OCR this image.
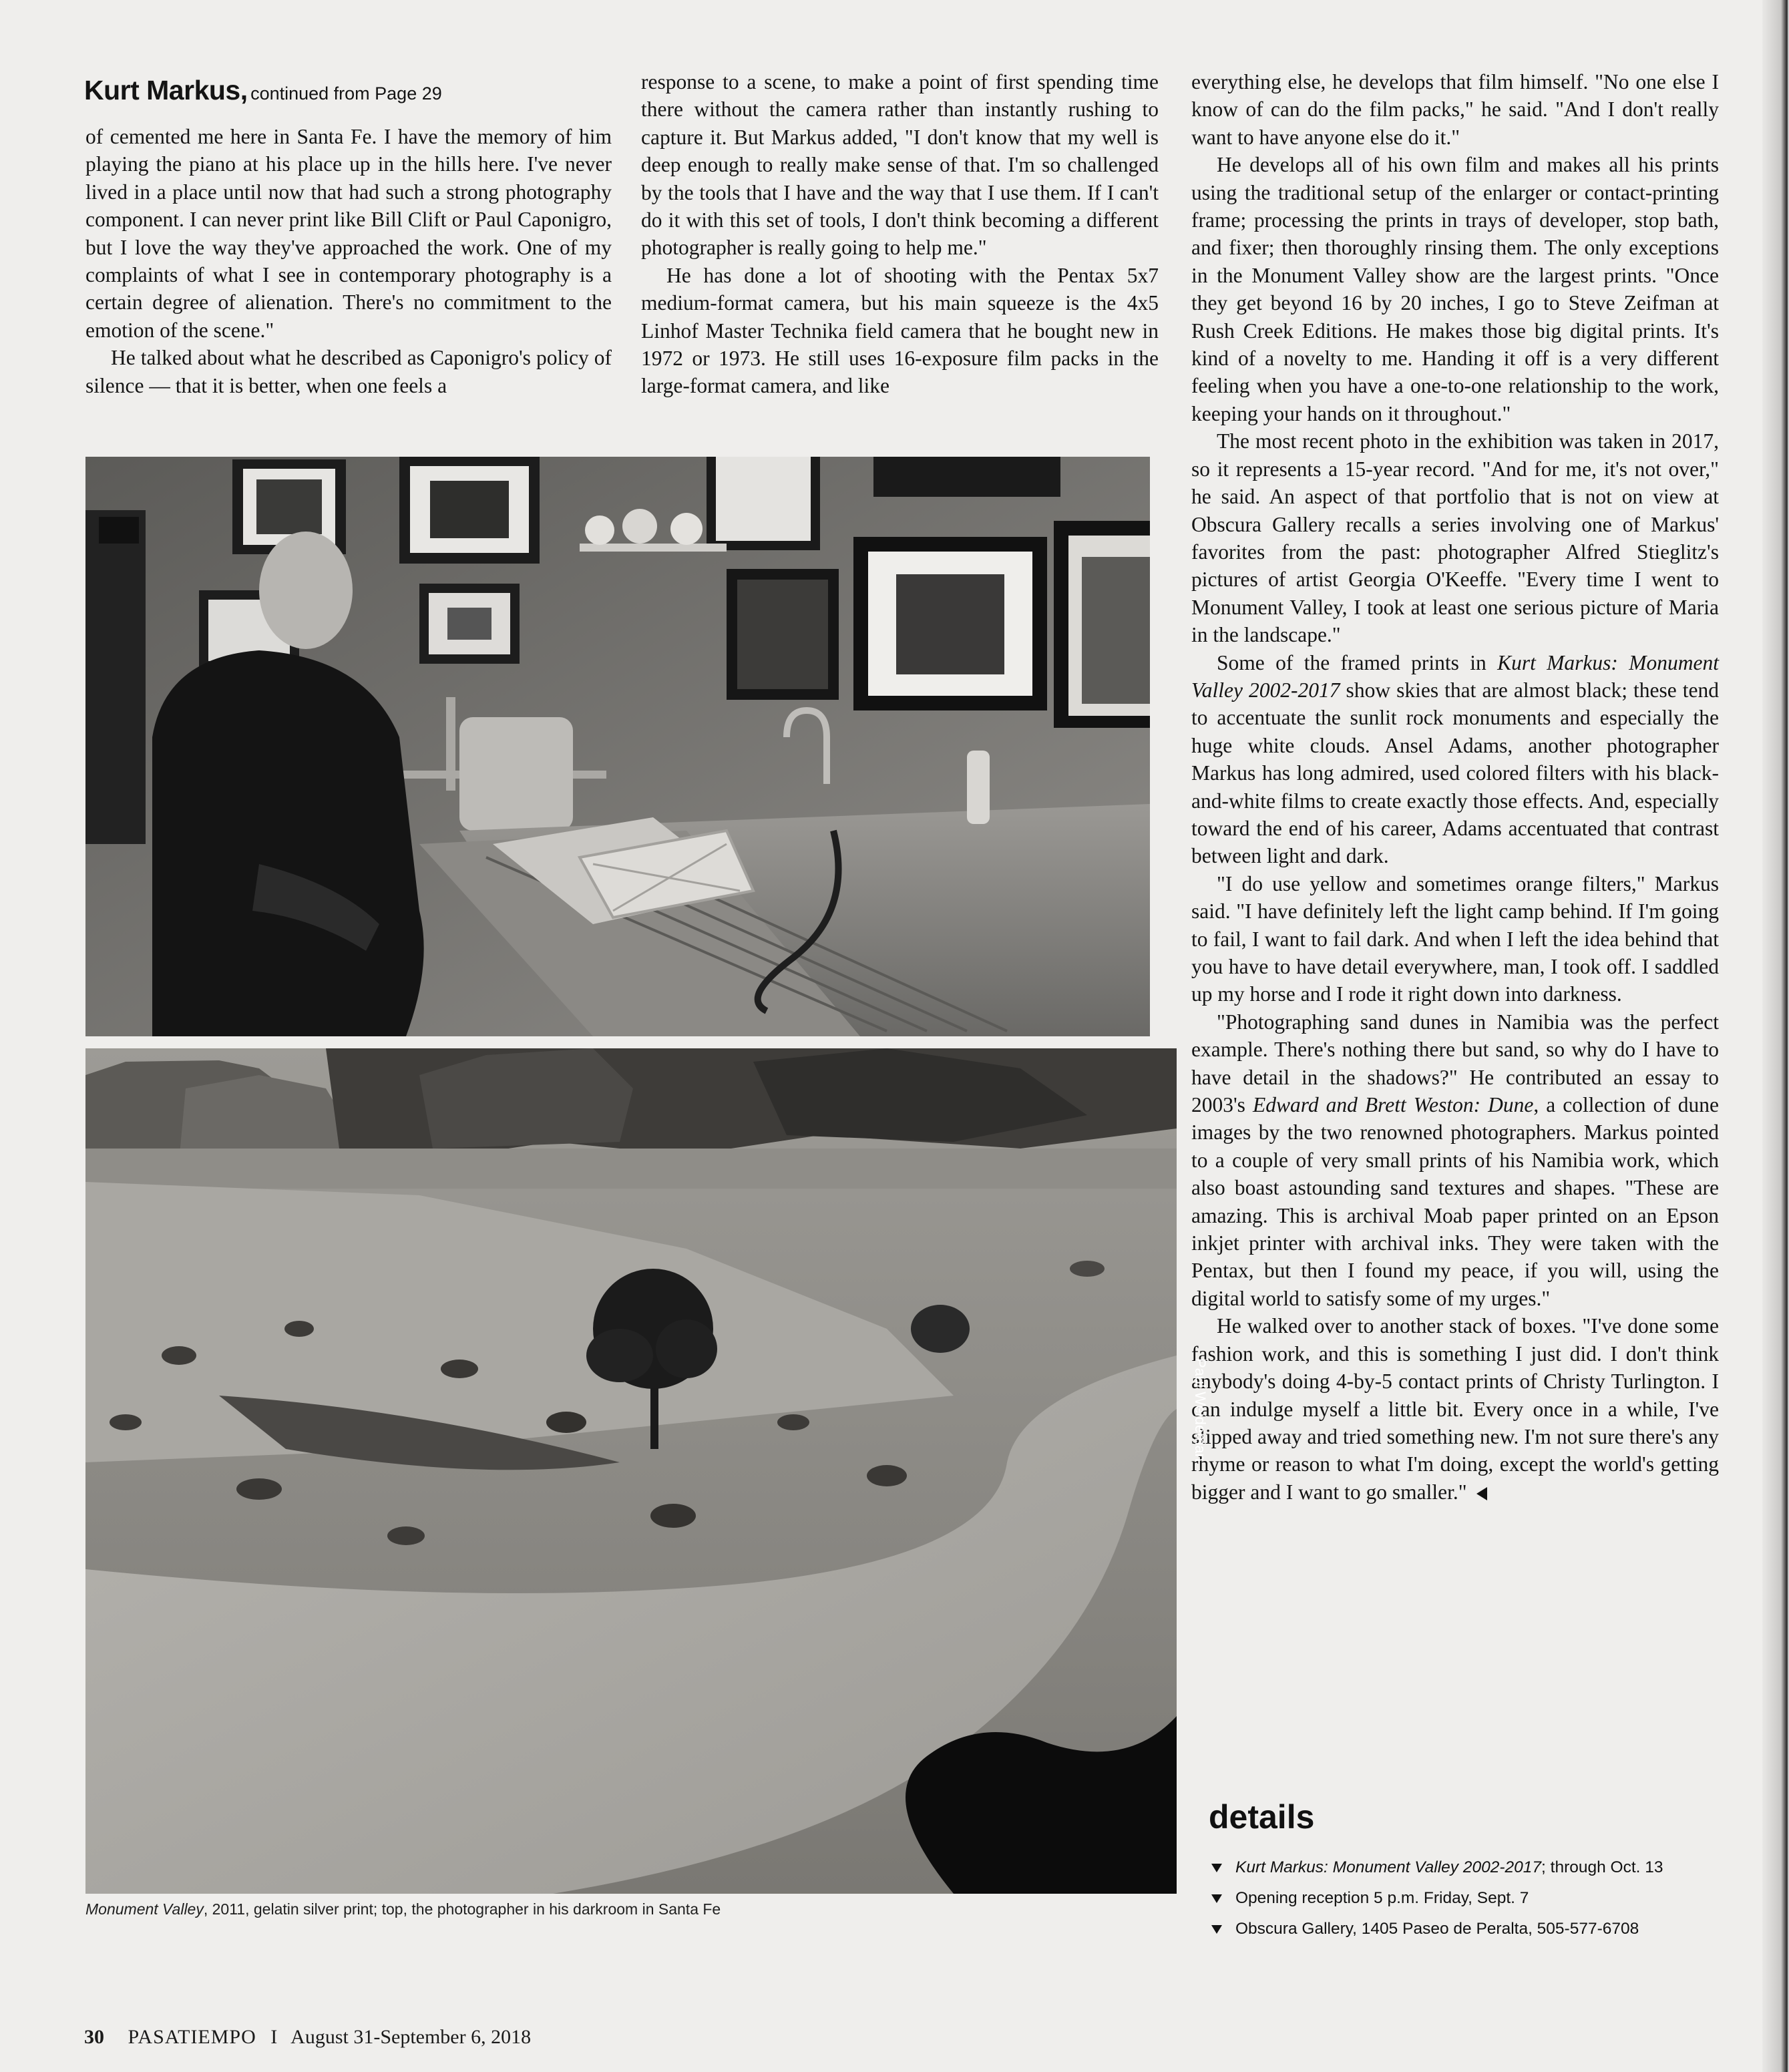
Kurt Markus, continued from Page 29

of cemented me here in Santa Fe. I have the memory of him playing the piano at his place up in the hills here. I've never lived in a place until now that had such a strong photography component. I can never print like Bill Clift or Paul Caponigro, but I love the way they've approached the work. One of my complaints of what I see in contemporary photography is a certain degree of alienation. There's no commitment to the emotion of the scene."

He talked about what he described as Caponigro's policy of silence — that it is better, when one feels a

response to a scene, to make a point of first spending time there without the camera rather than instantly rushing to capture it. But Markus added, "I don't know that my well is deep enough to really make sense of that. I'm so challenged by the tools that I have and the way that I use them. If I can't do it with this set of tools, I don't think becoming a different photographer is really going to help me."

He has done a lot of shooting with the Pentax 5x7 medium-format camera, but his main squeeze is the 4x5 Linhof Master Technika field camera that he bought new in 1972 or 1973. He still uses 16-exposure film packs in the large-format camera, and like

everything else, he develops that film himself. "No one else I know of can do the film packs," he said. "And I don't really want to have anyone else do it."

He develops all of his own film and makes all his prints using the traditional setup of the enlarger or contact-printing frame; processing the prints in trays of developer, stop bath, and fixer; then thoroughly rinsing them. The only exceptions in the Monument Valley show are the largest prints. "Once they get beyond 16 by 20 inches, I go to Steve Zeifman at Rush Creek Editions. He makes those big digital prints. It's kind of a novelty to me. Handing it off is a very different feeling when you have a one-to-one relationship to the work, keeping your hands on it throughout."

The most recent photo in the exhibition was taken in 2017, so it represents a 15-year record. "And for me, it's not over," he said. An aspect of that portfolio that is not on view at Obscura Gallery recalls a series involving one of Markus' favorites from the past: photographer Alfred Stieglitz's pictures of artist Georgia O'Keeffe. "Every time I went to Monument Valley, I took at least one serious picture of Maria in the landscape."

Some of the framed prints in Kurt Markus: Monument Valley 2002-2017 show skies that are almost black; these tend to accentuate the sunlit rock monuments and especially the huge white clouds. Ansel Adams, another photographer Markus has long admired, used colored filters with his black-and-white films to create exactly those effects. And, especially toward the end of his career, Adams accentuated that contrast between light and dark.

"I do use yellow and sometimes orange filters," Markus said. "I have definitely left the light camp behind. If I'm going to fail, I want to fail dark. And when I left the idea behind that you have to have detail everywhere, man, I took off. I saddled up my horse and I rode it right down into darkness.

"Photographing sand dunes in Namibia was the perfect example. There's nothing there but sand, so why do I have to have detail in the shadows?" He contributed an essay to 2003's Edward and Brett Weston: Dune, a collection of dune images by the two renowned photographers. Markus pointed to a couple of very small prints of his Namibia work, which also boast astounding sand textures and shapes. "These are amazing. This is archival Moab paper printed on an Epson inkjet printer with archival inks. They were taken with the Pentax, but then I found my peace, if you will, using the digital world to satisfy some of my urges."

He walked over to another stack of boxes. "I've done some fashion work, and this is something I just did. I don't think anybody's doing 4-by-5 contact prints of Christy Turlington. I can indulge myself a little bit. Every once in a while, I've slipped away and tried something new. I'm not sure there's any rhyme or reason to what I'm doing, except the world's getting bigger and I want to go smaller."

Paul Weideman
Monument Valley, 2011, gelatin silver print; top, the photographer in his darkroom in Santa Fe
details
Kurt Markus: Monument Valley 2002-2017; through Oct. 13
Opening reception 5 p.m. Friday, Sept. 7
Obscura Gallery, 1405 Paseo de Peralta, 505-577-6708
30 PASATIEMPO I August 31-September 6, 2018
